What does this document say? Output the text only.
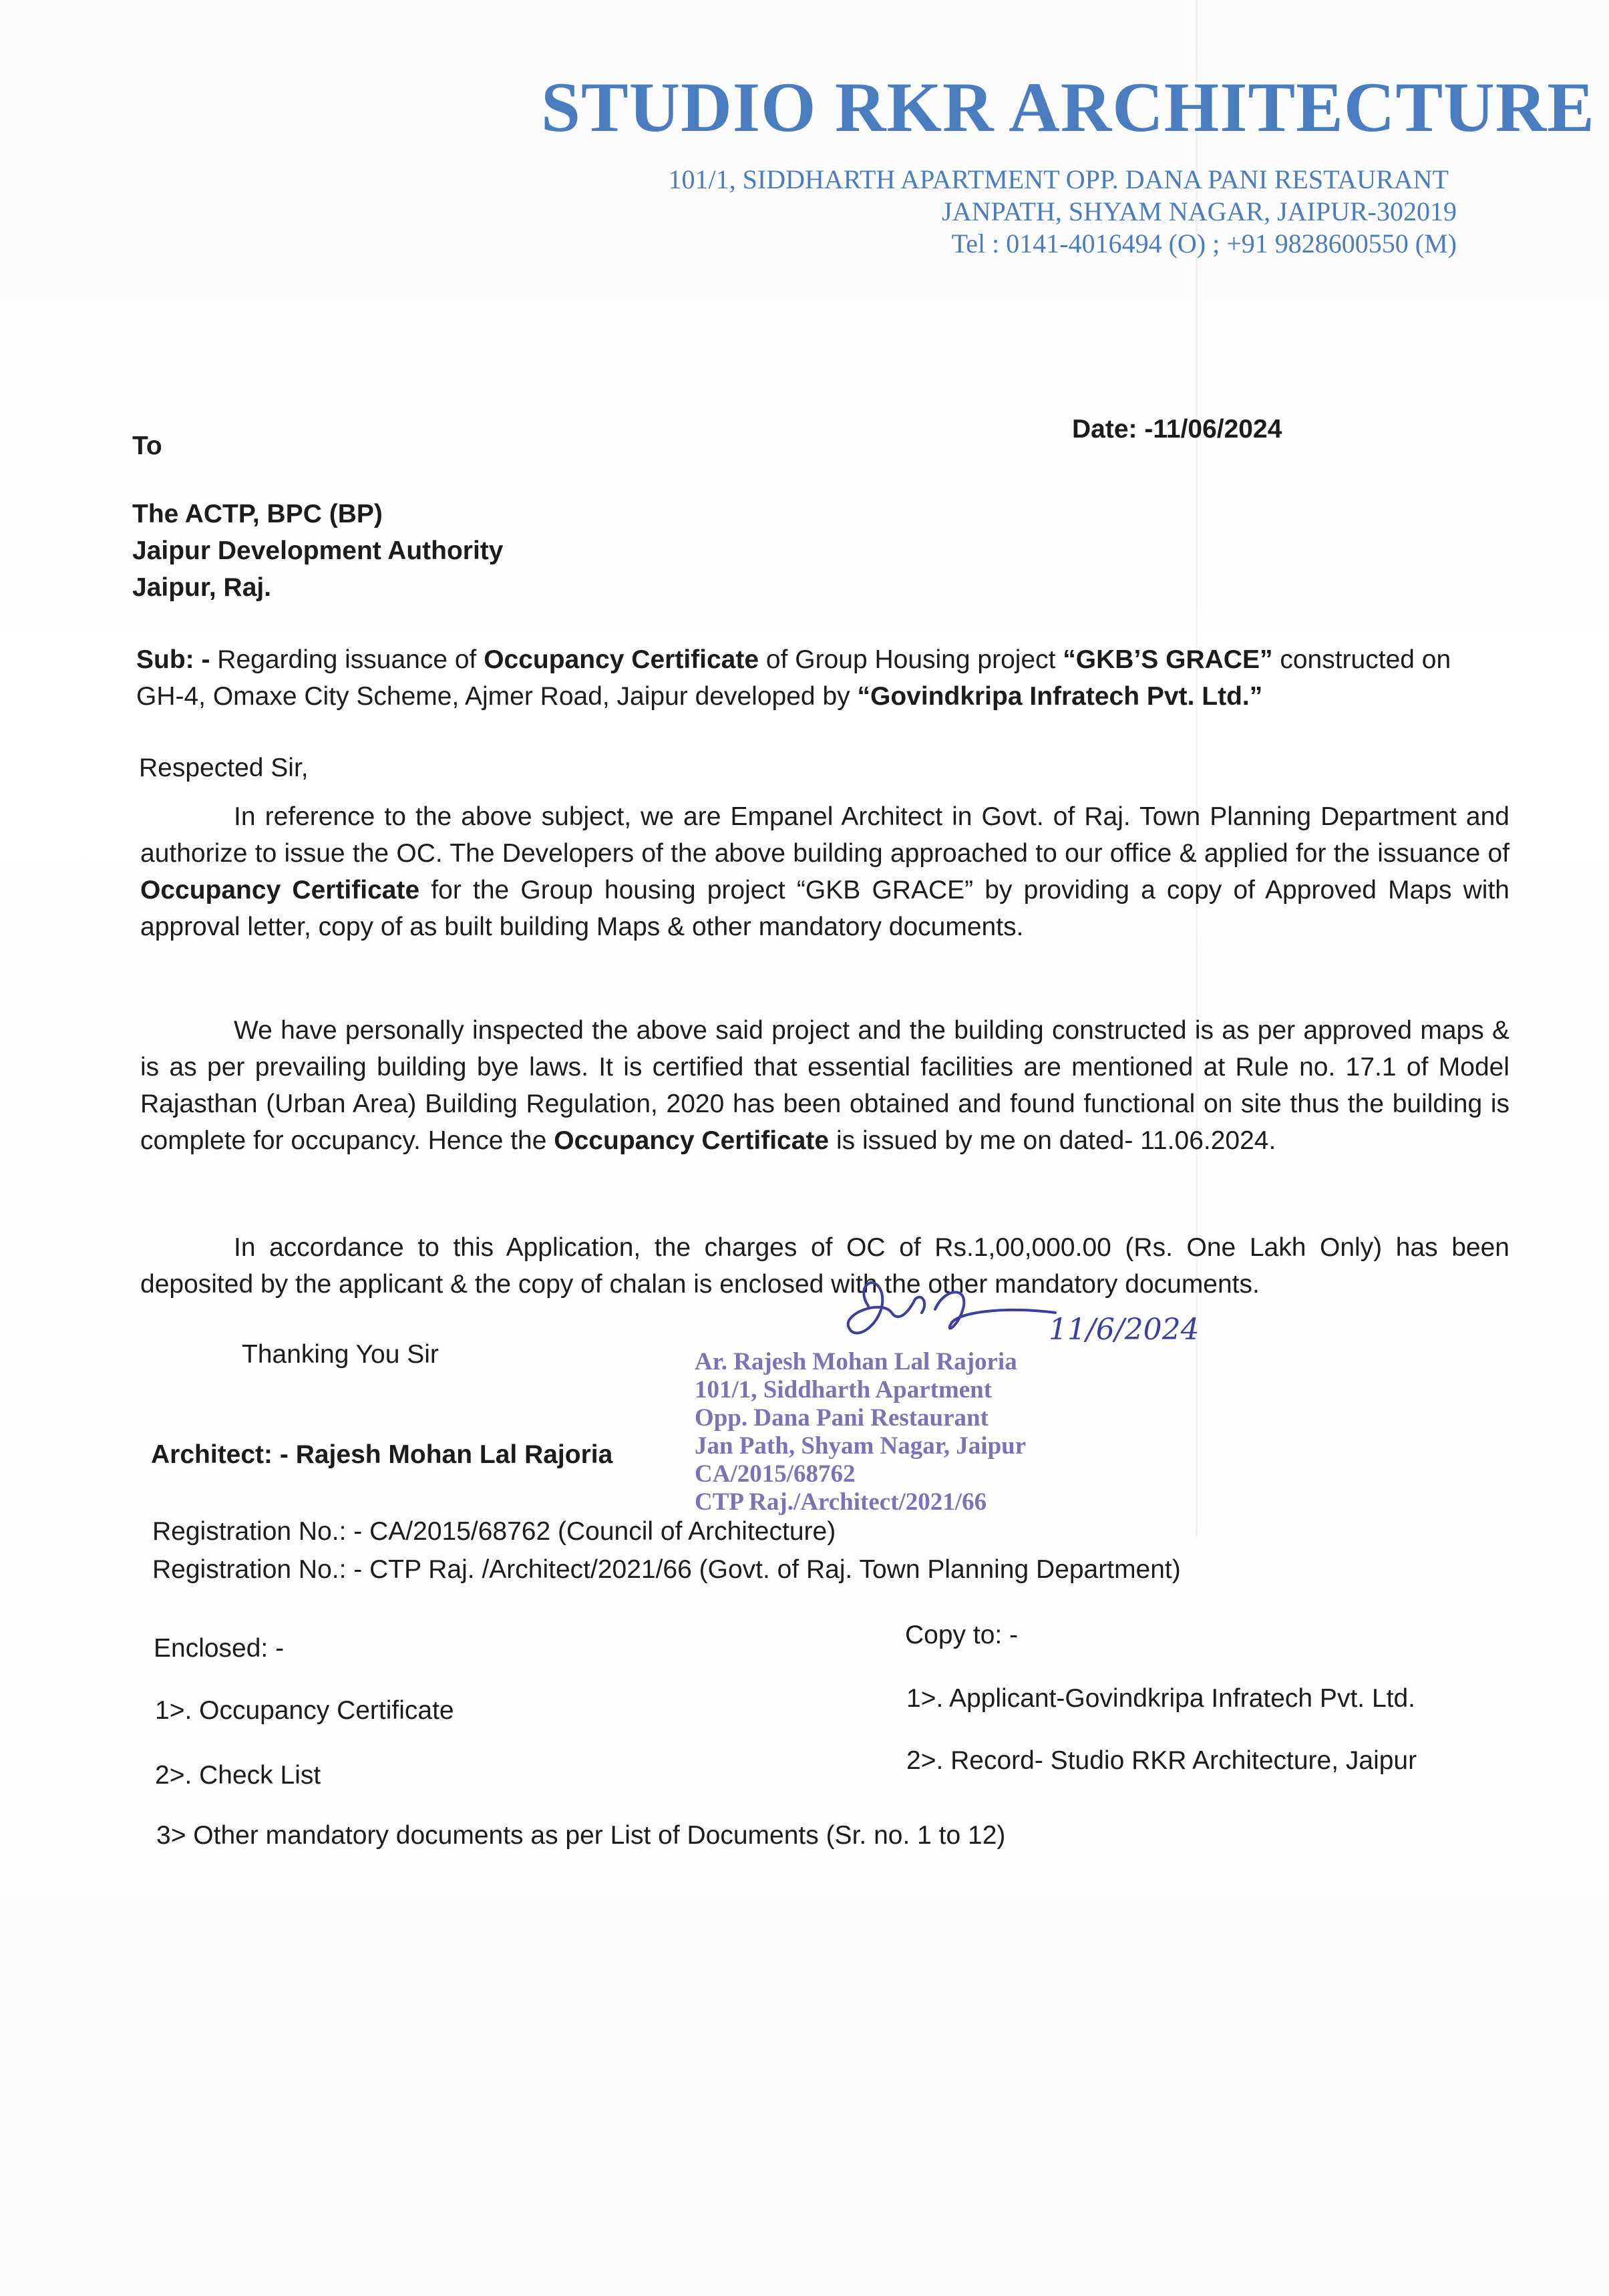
STUDIO RKR ARCHITECTURE
101/1, SIDDHARTH APARTMENT OPP. DANA PANI RESTAURANT
JANPATH, SHYAM NAGAR, JAIPUR-302019
Tel : 0141-4016494 (O) ; +91 9828600550 (M)
To
Date: -11/06/2024
The ACTP, BPC (BP)
Jaipur Development Authority
Jaipur, Raj.
Sub: - Regarding issuance of Occupancy Certificate of Group Housing project “GKB’S GRACE” constructed on GH-4, Omaxe City Scheme, Ajmer Road, Jaipur developed by “Govindkripa Infratech Pvt. Ltd.”
Respected Sir,
In reference to the above subject, we are Empanel Architect in Govt. of Raj. Town Planning Department and authorize to issue the OC. The Developers of the above building approached to our office & applied for the issuance of Occupancy Certificate for the Group housing project “GKB GRACE” by providing a copy of Approved Maps with approval letter, copy of as built building Maps & other mandatory documents.
We have personally inspected the above said project and the building constructed is as per approved maps & is as per prevailing building bye laws. It is certified that essential facilities are mentioned at Rule no. 17.1 of Model Rajasthan (Urban Area) Building Regulation, 2020 has been obtained and found functional on site thus the building is complete for occupancy. Hence the Occupancy Certificate is issued by me on dated- 11.06.2024.
In accordance to this Application, the charges of OC of Rs.1,00,000.00 (Rs. One Lakh Only) has been deposited by the applicant & the copy of chalan is enclosed with the other mandatory documents.
Thanking You Sir	Ar. Rajesh Mohan Lal Rajoria
101/1, Siddharth Apartment
Opp. Dana Pani Restaurant
Jan Path, Shyam Nagar, Jaipur
CA/2015/68762
CTP Raj./Architect/2021/66
11/6/2024
Architect: - Rajesh Mohan Lal Rajoria
Registration No.: - CA/2015/68762 (Council of Architecture)
Registration No.: - CTP Raj. /Architect/2021/66 (Govt. of Raj. Town Planning Department)
Enclosed: -
1>. Occupancy Certificate
2>. Check List
3> Other mandatory documents as per List of Documents (Sr. no. 1 to 12)
Copy to: -
1>. Applicant-Govindkripa Infratech Pvt. Ltd.
2>. Record- Studio RKR Architecture, Jaipur
